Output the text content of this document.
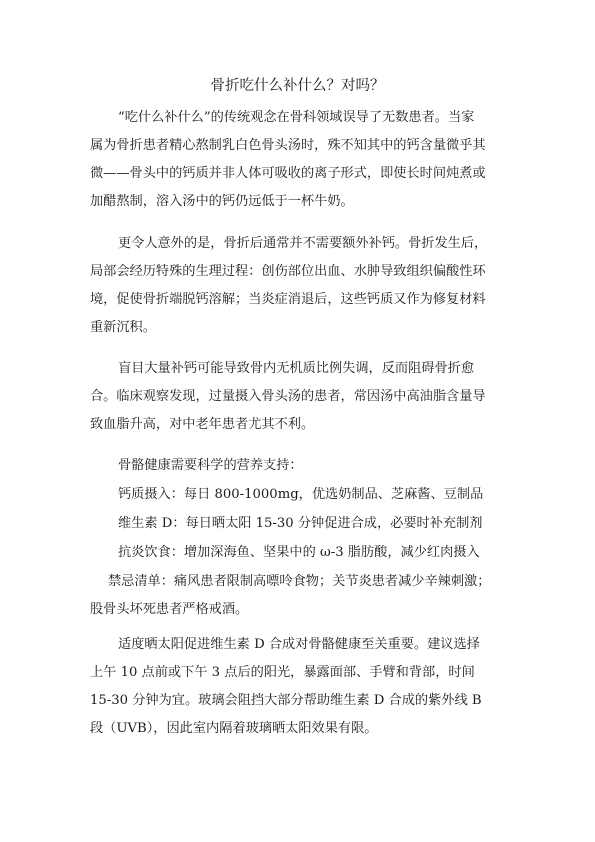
骨折吃什么补什么？对吗？

“吃什么补什么”的传统观念在骨科领域误导了无数患者。当家
属为骨折患者精心熬制乳白色骨头汤时，殊不知其中的钙含量微乎其
微——骨头中的钙质并非人体可吸收的离子形式，即使长时间炖煮或
加醋熬制，溶入汤中的钙仍远低于一杯牛奶。

更令人意外的是，骨折后通常并不需要额外补钙。骨折发生后，
局部会经历特殊的生理过程：创伤部位出血、水肿导致组织偏酸性环
境，促使骨折端脱钙溶解；当炎症消退后，这些钙质又作为修复材料
重新沉积。

盲目大量补钙可能导致骨内无机质比例失调，反而阻碍骨折愈
合。临床观察发现，过量摄入骨头汤的患者，常因汤中高油脂含量导
致血脂升高，对中老年患者尤其不利。

骨骼健康需要科学的营养支持：

钙质摄入：每日 800-1000mg，优选奶制品、芝麻酱、豆制品

维生素 D：每日晒太阳 15-30 分钟促进合成，必要时补充制剂

抗炎饮食：增加深海鱼、坚果中的 ω-3 脂肪酸，减少红肉摄入

禁忌清单：痛风患者限制高嘌呤食物；关节炎患者减少辛辣刺激；
股骨头坏死患者严格戒酒。

适度晒太阳促进维生素 D 合成对骨骼健康至关重要。建议选择
上午 10 点前或下午 3 点后的阳光，暴露面部、手臂和背部，时间
15-30 分钟为宜。玻璃会阻挡大部分帮助维生素 D 合成的紫外线 B
段（UVB），因此室内隔着玻璃晒太阳效果有限。
